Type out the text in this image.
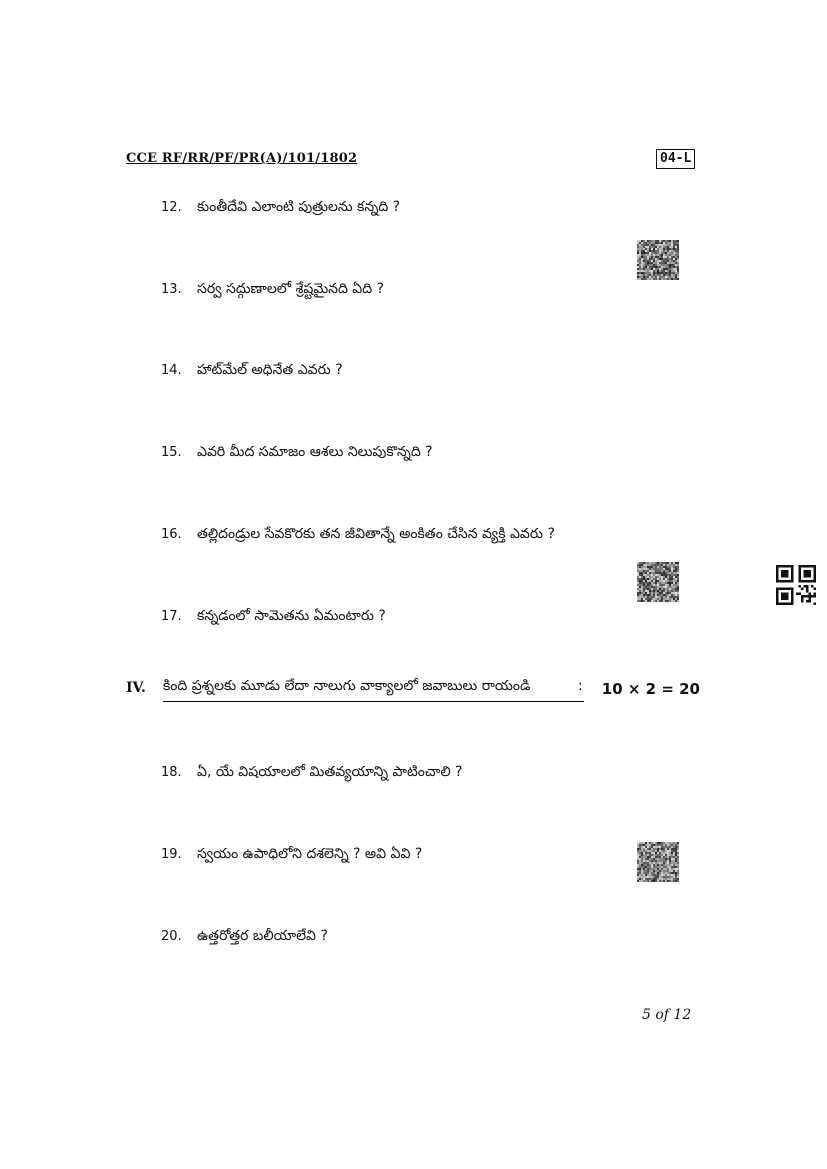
CCE RF/RR/PF/PR(A)/101/1802	04-L
12. కుంతీదేవి ఎలాంటి పుత్రులను కన్నది ?
13. సర్వ సద్గుణాలలో శ్రేష్టమైనది ఏది ?
14. హాట్‌మేల్ అధినేత ఎవరు ?
15. ఎవరి మీద సమాజం ఆశలు నిలుపుకొన్నది ?
16. తల్లిదండ్రుల సేవకొరకు తన జీవితాన్నే అంకితం చేసిన వ్యక్తి ఎవరు ?
17. కన్నడంలో సామెతను ఏమంటారు ?
IV. కింది ప్రశ్నలకు మూడు లేదా నాలుగు వాక్యాలలో జవాబులు రాయండి	: 10 × 2 = 20
18. ఏ, యే విషయాలలో మితవ్యయాన్ని పాటించాలి ?
19. స్వయం ఉపాధిలోని దశలెన్ని ? అవి ఏవి ?
20. ఉత్తరోత్తర బలీయాలేవి ?
5 of 12
